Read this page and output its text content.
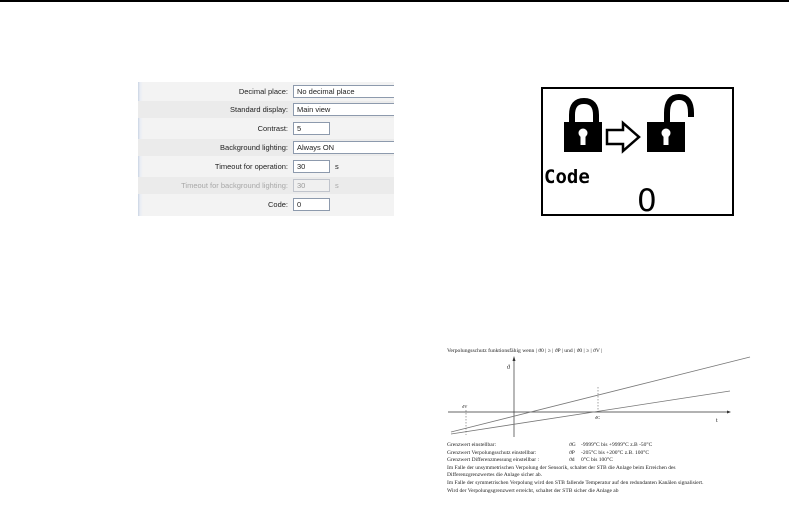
Decimal place:	No decimal place
Standard display:	Main view
Contrast:	5
Background lighting:	Always ON
Timeout for operation:	30	s
Timeout for background lighting:	30	s
Code:	0
Code
0
Verpolungsschutz funktionsfähig wenn | ϑ0 | ≥ | ϑP | und | ϑ0 | ≥ | ϑV |
ϑ
t
ϑV
ϑC
Grenzwert einstellbar:	ϑG -9999°C bis +9999°C z.B -50°C
Grenzwert Verpolungsschutz einstellbar:	ϑP -205°C bis +200°C z.B. 100°C
Grenzwert Differenzmessung einstellbar :	ϑd 0°C bis 100°C
Im Falle der unsymmetrischen Verpolung der Sensorik, schaltet der STB die Anlage beim Erreichen des
Differenzgrenzwertes die Anlage sicher ab.
Im Falle der symmetrischen Verpolung wird den STB fallende Temperatur auf den redundanten Kanälen signalisiert.
Wird der Verpolungsgrenzwert erreicht, schaltet der STB sicher die Anlage ab
